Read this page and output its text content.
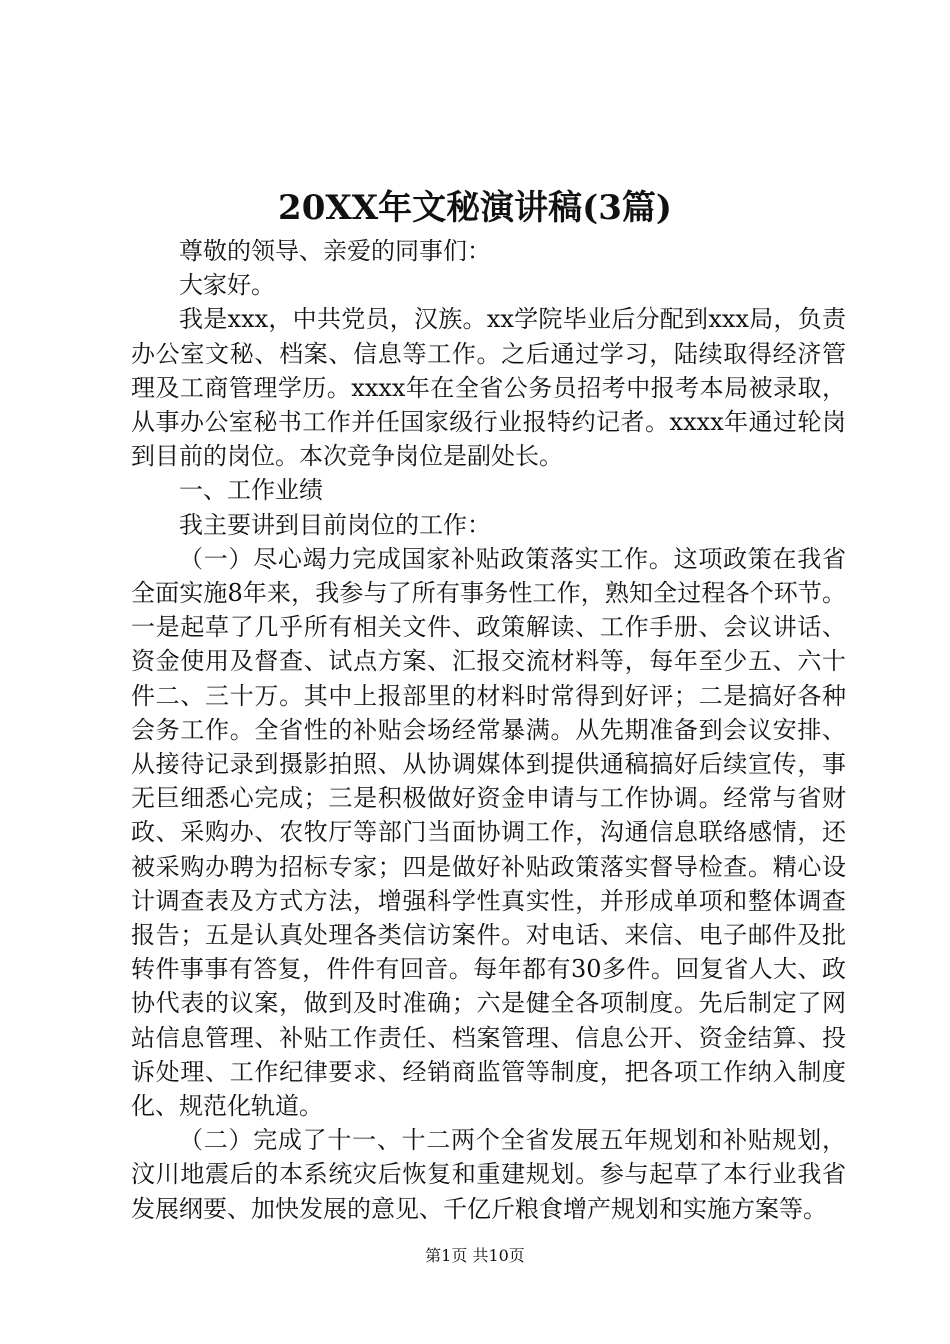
20XX年文秘演讲稿(3篇)

尊敬的领导、亲爱的同事们：

大家好。

我是xxx，中共党员，汉族。xx学院毕业后分配到xxx局，负责办公室文秘、档案、信息等工作。之后通过学习，陆续取得经济管理及工商管理学历。xxxx年在全省公务员招考中报考本局被录取，从事办公室秘书工作并任国家级行业报特约记者。xxxx年通过轮岗到目前的岗位。本次竞争岗位是副处长。

一、工作业绩

我主要讲到目前岗位的工作：

（一）尽心竭力完成国家补贴政策落实工作。这项政策在我省全面实施8年来，我参与了所有事务性工作，熟知全过程各个环节。一是起草了几乎所有相关文件、政策解读、工作手册、会议讲话、资金使用及督查、试点方案、汇报交流材料等，每年至少五、六十件二、三十万。其中上报部里的材料时常得到好评；二是搞好各种会务工作。全省性的补贴会场经常暴满。从先期准备到会议安排、从接待记录到摄影拍照、从协调媒体到提供通稿搞好后续宣传，事无巨细悉心完成；三是积极做好资金申请与工作协调。经常与省财政、采购办、农牧厅等部门当面协调工作，沟通信息联络感情，还被采购办聘为招标专家；四是做好补贴政策落实督导检查。精心设计调查表及方式方法，增强科学性真实性，并形成单项和整体调查报告；五是认真处理各类信访案件。对电话、来信、电子邮件及批转件事事有答复，件件有回音。每年都有30多件。回复省人大、政协代表的议案，做到及时准确；六是健全各项制度。先后制定了网站信息管理、补贴工作责任、档案管理、信息公开、资金结算、投诉处理、工作纪律要求、经销商监管等制度，把各项工作纳入制度化、规范化轨道。

（二）完成了十一、十二两个全省发展五年规划和补贴规划，汶川地震后的本系统灾后恢复和重建规划。参与起草了本行业我省发展纲要、加快发展的意见、千亿斤粮食增产规划和实施方案等。

第1页 共10页
